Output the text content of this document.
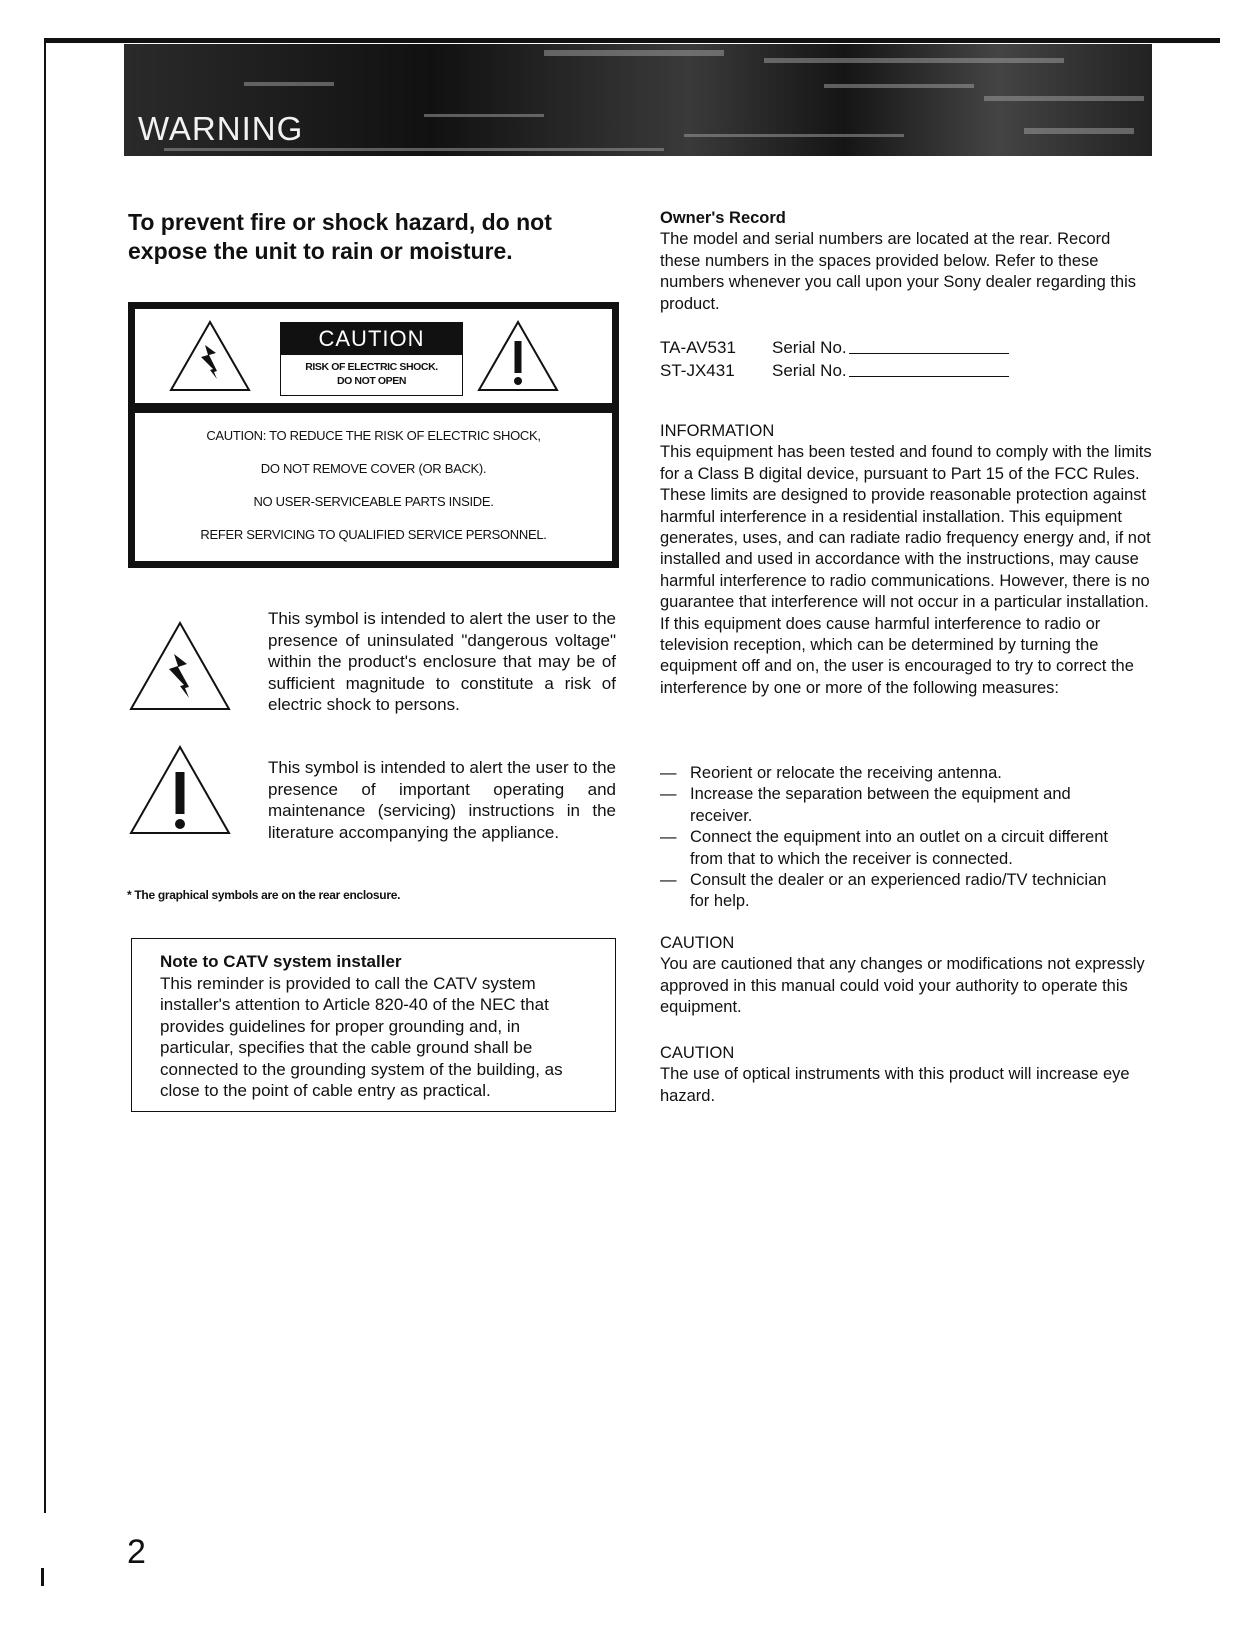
WARNING
To prevent fire or shock hazard, do not expose the unit to rain or moisture.
CAUTION
RISK OF ELECTRIC SHOCK.
DO NOT OPEN
CAUTION: TO REDUCE THE RISK OF ELECTRIC SHOCK,
DO NOT REMOVE COVER (OR BACK).
NO USER-SERVICEABLE PARTS INSIDE.
REFER SERVICING TO QUALIFIED SERVICE PERSONNEL.
This symbol is intended to alert the user to the presence of uninsulated "dangerous voltage" within the product's enclosure that may be of sufficient magnitude to constitute a risk of electric shock to persons.
This symbol is intended to alert the user to the presence of important operating and maintenance (servicing) instructions in the literature accompanying the appliance.
* The graphical symbols are on the rear enclosure.
Note to CATV system installer
This reminder is provided to call the CATV system installer's attention to Article 820-40 of the NEC that provides guidelines for proper grounding and, in particular, specifies that the cable ground shall be connected to the grounding system of the building, as close to the point of cable entry as practical.
Owner's Record
The model and serial numbers are located at the rear. Record these numbers in the spaces provided below. Refer to these numbers whenever you call upon your Sony dealer regarding this product.
TA-AV531	Serial No.
ST-JX431	Serial No.
INFORMATION
This equipment has been tested and found to comply with the limits for a Class B digital device, pursuant to Part 15 of the FCC Rules. These limits are designed to provide reasonable protection against harmful interference in a residential installation. This equipment generates, uses, and can radiate radio frequency energy and, if not installed and used in accordance with the instructions, may cause harmful interference to radio communications. However, there is no guarantee that interference will not occur in a particular installation. If this equipment does cause harmful interference to radio or television reception, which can be determined by turning the equipment off and on, the user is encouraged to try to correct the interference by one or more of the following measures:
— Reorient or relocate the receiving antenna.
— Increase the separation between the equipment and receiver.
— Connect the equipment into an outlet on a circuit different from that to which the receiver is connected.
— Consult the dealer or an experienced radio/TV technician for help.
CAUTION
You are cautioned that any changes or modifications not expressly approved in this manual could void your authority to operate this equipment.
CAUTION
The use of optical instruments with this product will increase eye hazard.
2
